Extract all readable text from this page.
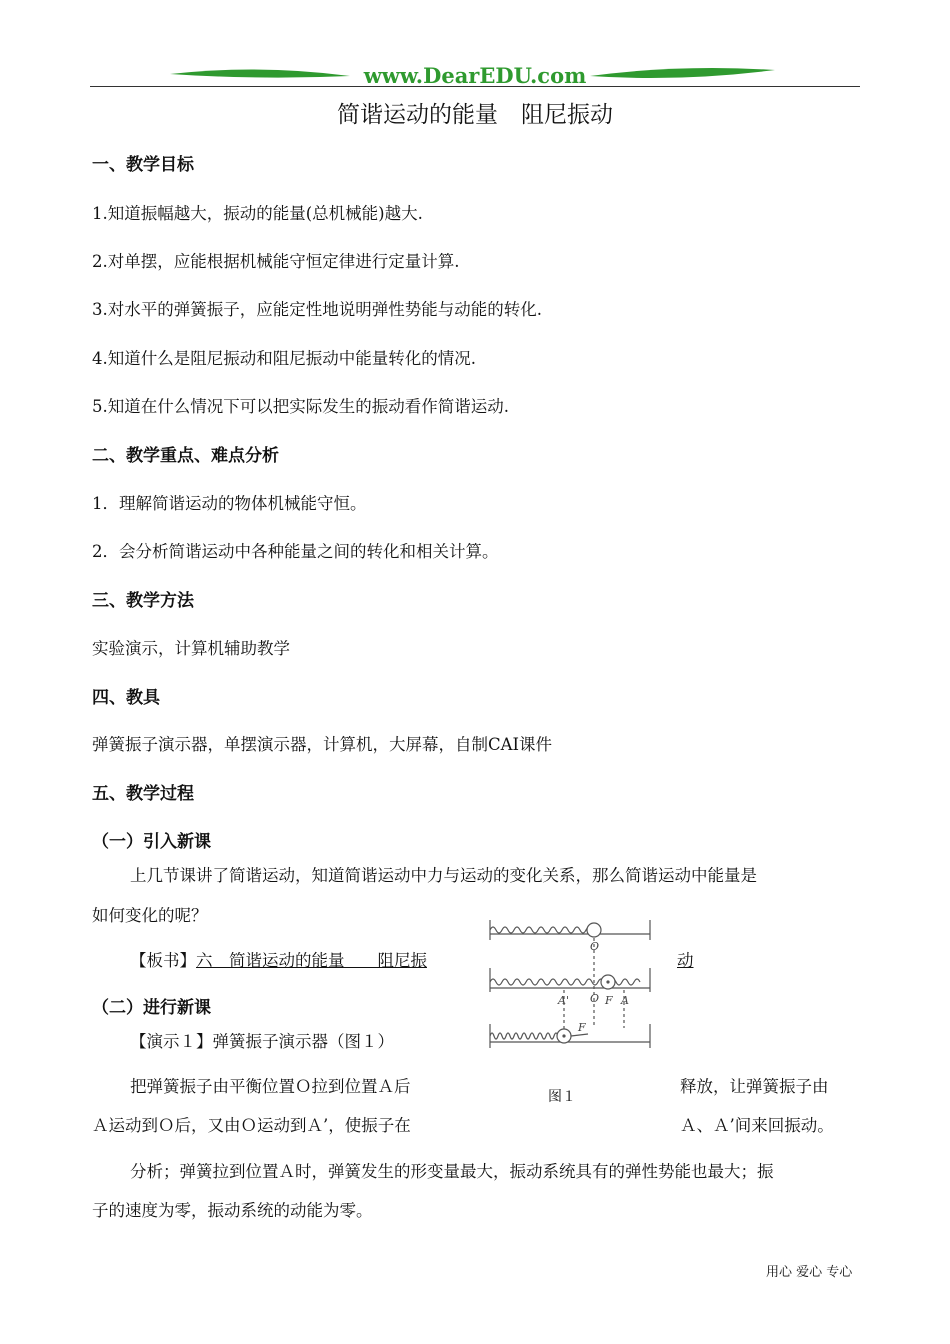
www.DearEDU.com
简谐运动的能量　阻尼振动
一、教学目标
1.知道振幅越大，振动的能量(总机械能)越大.
2.对单摆，应能根据机械能守恒定律进行定量计算.
3.对水平的弹簧振子，应能定性地说明弹性势能与动能的转化.
4.知道什么是阻尼振动和阻尼振动中能量转化的情况.
5.知道在什么情况下可以把实际发生的振动看作简谐运动.
二、教学重点、难点分析
1．理解简谐运动的物体机械能守恒。
2．会分析简谐运动中各种能量之间的转化和相关计算。
三、教学方法
实验演示，计算机辅助教学
四、教具
弹簧振子演示器，单摆演示器，计算机，大屏幕，自制CAI课件
五、教学过程
（一）引入新课
上几节课讲了简谐运动，知道简谐运动中力与运动的变化关系，那么简谐运动中能量是
如何变化的呢？
【板书】六　简谐运动的能量　　阻尼振	动
（二）进行新课
【演示１】弹簧振子演示器（图１）
把弹簧振子由平衡位置Ｏ拉到位置Ａ后	释放，让弹簧振子由
Ａ运动到Ｏ后，又由Ｏ运动到Ａ’，使振子在	Ａ、Ａ’间来回振动。
分析；弹簧拉到位置Ａ时，弹簧发生的形变量最大，振动系统具有的弹性势能也最大；振
子的速度为零，振动系统的动能为零。
O
A' O F A
F
图１
用心 爱心 专心
